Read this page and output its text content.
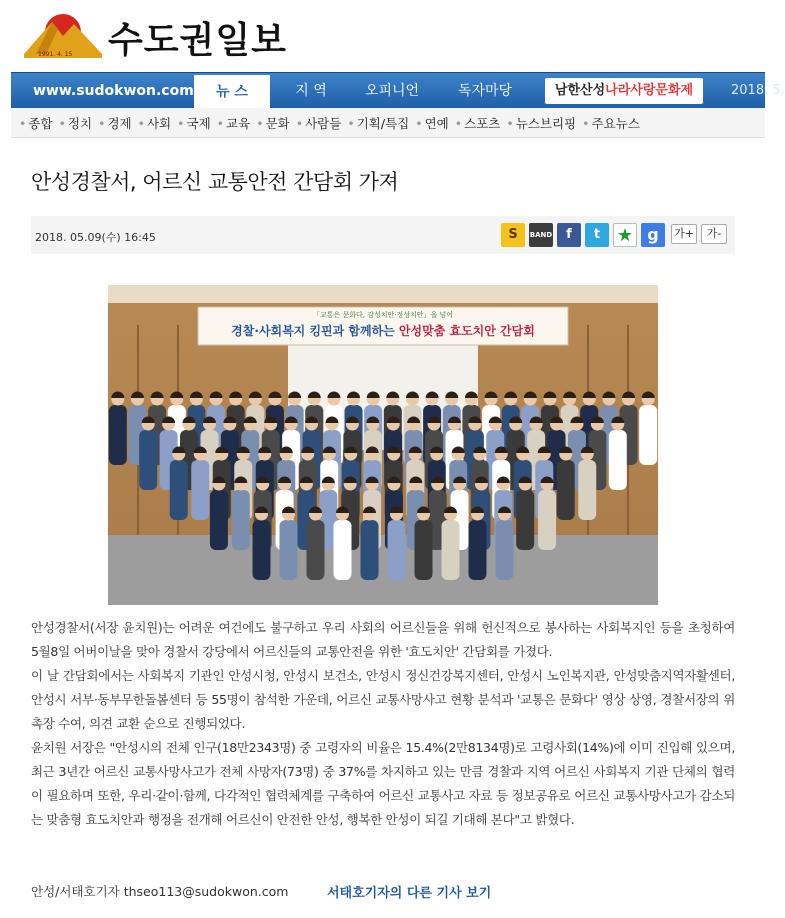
1991. 4. 15 수도권일보
www.sudokwon.com	뉴 스	지 역	오피니언	독자마당	남한산성나라사랑문화제	2018. 5.
• 종합	• 정치	• 경제	• 사회	• 국제	• 교육	• 문화	• 사람들	• 기획/특집	• 연예	• 스포츠	• 뉴스브리핑	• 주요뉴스
안성경찰서, 어르신 교통안전 간담회 가져
2018. 05.09(수) 16:45	S	BAND	f	t ★ g	가+	가-
「교통은 문화다, 감성치안·정성치안」을 넘어
경찰·사회복지 킹핀과 함께하는 안성맞춤 효도치안 간담회

안성경찰서(서장 윤치원)는 어려운 여건에도 불구하고 우리 사회의 어르신들을 위해 헌신적으로 봉사하는 사회복지인 등을 초청하여 5월8일 어버이날을 맞아 경찰서 강당에서 어르신들의 교통안전을 위한 '효도치안' 간담회를 가졌다.

이 날 간담회에서는 사회복지 기관인 안성시청, 안성시 보건소, 안성시 정신건강복지센터, 안성시 노인복지관, 안성맞춤지역자활센터, 안성시 서부·동부무한돌봄센터 등 55명이 참석한 가운데, 어르신 교통사망사고 현황 분석과 '교통은 문화다' 영상 상영, 경찰서장의 위촉장 수여, 의견 교환 순으로 진행되었다.

윤치원 서장은 "안성시의 전체 인구(18만2343명) 중 고령자의 비율은 15.4%(2만8134명)로 고령사회(14%)에 이미 진입해 있으며, 최근 3년간 어르신 교통사망사고가 전체 사망자(73명) 중 37%를 차지하고 있는 만큼 경찰과 지역 어르신 사회복지 기관 단체의 협력이 필요하며 또한, 우리·같이·함께, 다각적인 협력체계를 구축하여 어르신 교통사고 자료 등 정보공유로 어르신 교통사망사고가 감소되는 맞춤형 효도치안과 행정을 전개해 어르신이 안전한 안성, 행복한 안성이 되길 기대해 본다"고 밝혔다.

안성/서태호기자 thseo113@sudokwon.com	서태호기자의 다른 기사 보기
